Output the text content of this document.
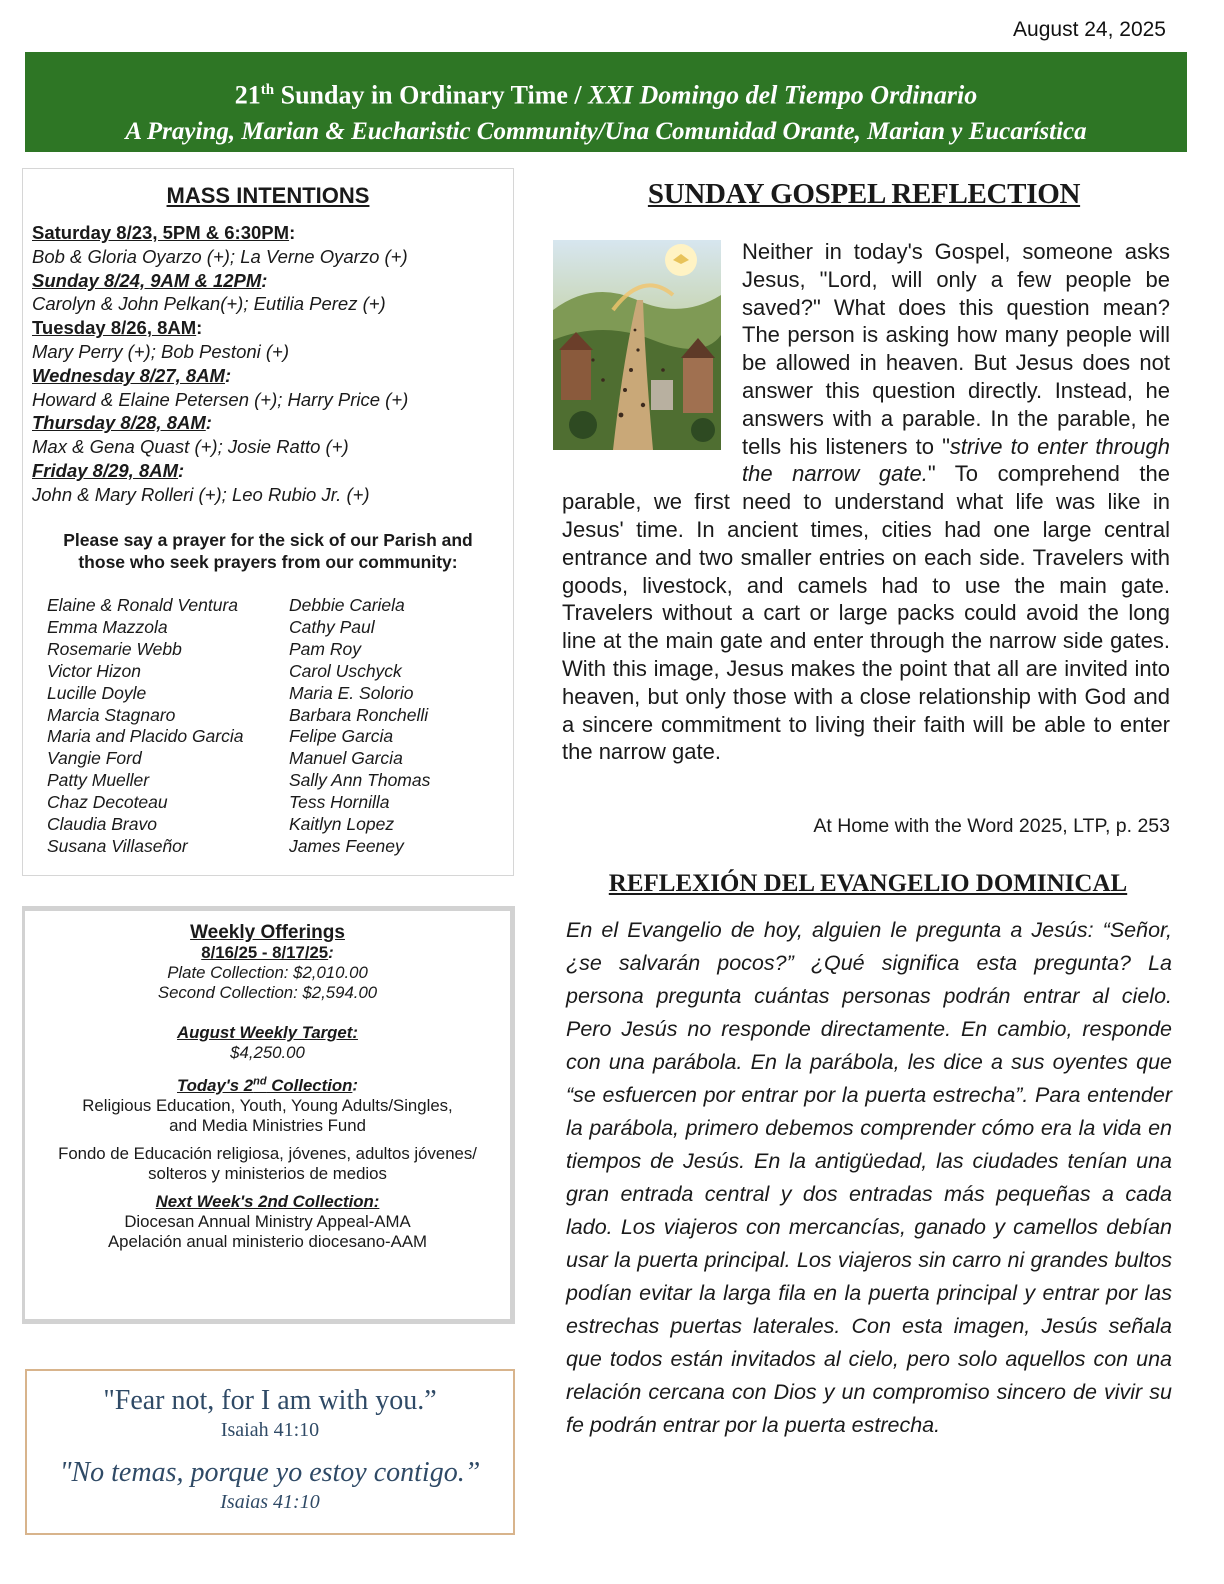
August 24, 2025
21th Sunday in Ordinary Time / XXI Domingo del Tiempo Ordinario
A Praying, Marian & Eucharistic Community/Una Comunidad Orante, Marian y Eucarística
MASS INTENTIONS
Saturday 8/23, 5PM & 6:30PM:
Bob & Gloria Oyarzo (+); La Verne Oyarzo (+)
Sunday 8/24, 9AM & 12PM:
Carolyn & John Pelkan(+); Eutilia Perez (+)
Tuesday 8/26, 8AM:
Mary Perry (+); Bob Pestoni (+)
Wednesday 8/27, 8AM:
Howard & Elaine Petersen (+); Harry Price (+)
Thursday 8/28, 8AM:
Max & Gena Quast (+); Josie Ratto (+)
Friday 8/29, 8AM:
John & Mary Rolleri (+); Leo Rubio Jr. (+)
Please say a prayer for the sick of our Parish and
those who seek prayers from our community:
Elaine & Ronald Ventura
Emma Mazzola
Rosemarie Webb
Victor Hizon
Lucille Doyle
Marcia Stagnaro
Maria and Placido Garcia
Vangie Ford
Patty Mueller
Chaz Decoteau
Claudia Bravo
Susana Villaseñor
Debbie Cariela
Cathy Paul
Pam Roy
Carol Uschyck
Maria E. Solorio
Barbara Ronchelli
Felipe Garcia
Manuel Garcia
Sally Ann Thomas
Tess Hornilla
Kaitlyn Lopez
James Feeney
Weekly Offerings
8/16/25 - 8/17/25:
Plate Collection: $2,010.00
Second Collection: $2,594.00
August Weekly Target:
$4,250.00
Today's 2nd Collection:
Religious Education, Youth, Young Adults/Singles,
and Media Ministries Fund
Fondo de Educación religiosa, jóvenes, adultos jóvenes/
solteros y ministerios de medios
Next Week's 2nd Collection:
Diocesan Annual Ministry Appeal-AMA
Apelación anual ministerio diocesano-AAM
"Fear not, for I am with you.”
Isaiah 41:10
"No temas, porque yo estoy contigo.”
Isaias 41:10
SUNDAY GOSPEL REFLECTION
Neither in today's Gospel, someone asks Jesus, "Lord, will only a few people be saved?" What does this question mean? The person is asking how many people will be allowed in heaven. But Jesus does not answer this question directly. Instead, he answers with a parable. In the parable, he tells his listeners to "strive to enter through the narrow gate." To comprehend the parable, we first need to understand what life was like in Jesus' time. In ancient times, cities had one large central entrance and two smaller entries on each side. Travelers with goods, livestock, and camels had to use the main gate. Travelers without a cart or large packs could avoid the long line at the main gate and enter through the narrow side gates. With this image, Jesus makes the point that all are invited into heaven, but only those with a close relationship with God and a sincere commitment to living their faith will be able to enter the narrow gate.
At Home with the Word 2025, LTP, p. 253
REFLEXIÓN DEL EVANGELIO DOMINICAL
En el Evangelio de hoy, alguien le pregunta a Jesús: “Señor, ¿se salvarán pocos?” ¿Qué significa esta pregunta? La persona pregunta cuántas personas podrán entrar al cielo. Pero Jesús no responde directamente. En cambio, responde con una parábola. En la parábola, les dice a sus oyentes que “se esfuercen por entrar por la puerta estrecha”. Para entender la parábola, primero debemos comprender cómo era la vida en tiempos de Jesús. En la antigüedad, las ciudades tenían una gran entrada central y dos entradas más pequeñas a cada lado. Los viajeros con mercancías, ganado y camellos debían usar la puerta principal. Los viajeros sin carro ni grandes bultos podían evitar la larga fila en la puerta principal y entrar por las estrechas puertas laterales. Con esta imagen, Jesús señala que todos están invitados al cielo, pero solo aquellos con una relación cercana con Dios y un compromiso sincero de vivir su fe podrán entrar por la puerta estrecha.
